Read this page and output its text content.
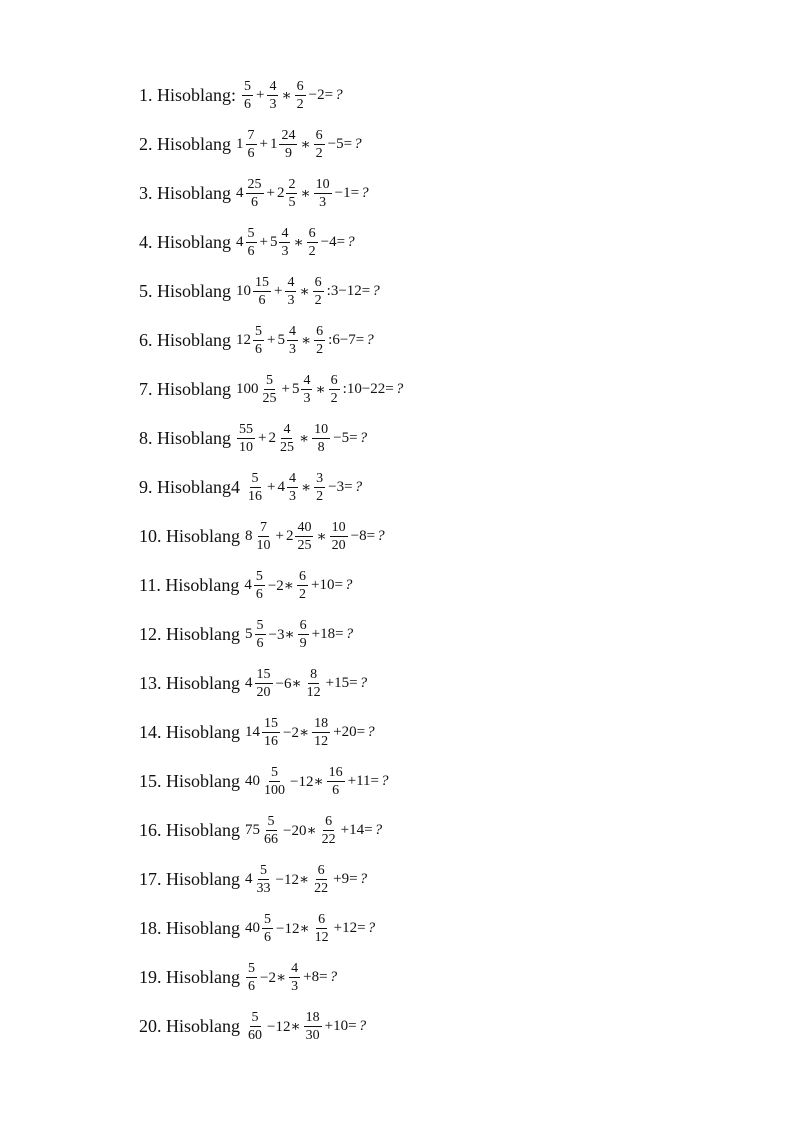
1. Hisoblang: $\frac{5}{6} + \frac{4}{3}$ ∗ $\frac{6}{2} -2=$ ?
2. Hisoblang $1 \frac{7}{6} + 1 \frac{24}{9}$ ∗ $\frac{6}{2} -5=$ ?
3. Hisoblang $4 \frac{25}{6} + 2 \frac{2}{5}$ ∗ $\frac{10}{3} -1=$ ?
4. Hisoblang $4 \frac{5}{6} + 5 \frac{4}{3}$ ∗ $\frac{6}{2} -4=$ ?
5. Hisoblang $10 \frac{15}{6} + \frac{4}{3}$ ∗ $\frac{6}{2}$ :3−12= ?
6. Hisoblang $12 \frac{5}{6} + 5 \frac{4}{3}$ ∗ $\frac{6}{2}$ :6−7= ?
7. Hisoblang $100 \frac{5}{25} + 5 \frac{4}{3}$ ∗ $\frac{6}{2}$ :10−22= ?
8. Hisoblang $\frac{55}{10} + 2 \frac{4}{25}$ ∗ $\frac{10}{8} -5=$ ?
9. Hisoblang4 $\frac{5}{16} + 4 \frac{4}{3}$ ∗ $\frac{3}{2} -3=$ ?
10. Hisoblang $8 \frac{7}{10} + 2 \frac{40}{25}$ ∗ $\frac{10}{20} -8=$ ?
11. Hisoblang $4 \frac{5}{6}$ −2∗ $\frac{6}{2} +10=$ ?
12. Hisoblang $5 \frac{5}{6}$ −3∗ $\frac{6}{9} +18=$ ?
13. Hisoblang $4 \frac{15}{20}$ −6∗ $\frac{8}{12} +15=$ ?
14. Hisoblang $14 \frac{15}{16}$ −2∗ $\frac{18}{12} +20=$ ?
15. Hisoblang $40 \frac{5}{100}$ −12∗ $\frac{16}{6} +11=$ ?
16. Hisoblang $75 \frac{5}{66}$ −20∗ $\frac{6}{22} +14=$ ?
17. Hisoblang $4 \frac{5}{33}$ −12∗ $\frac{6}{22} +9=$ ?
18. Hisoblang $40 \frac{5}{6}$ −12∗ $\frac{6}{12} +12=$ ?
19. Hisoblang $\frac{5}{6}$ −2∗ $\frac{4}{3} +8=$ ?
20. Hisoblang $\frac{5}{60}$ −12∗ $\frac{18}{30} +10=$ ?
